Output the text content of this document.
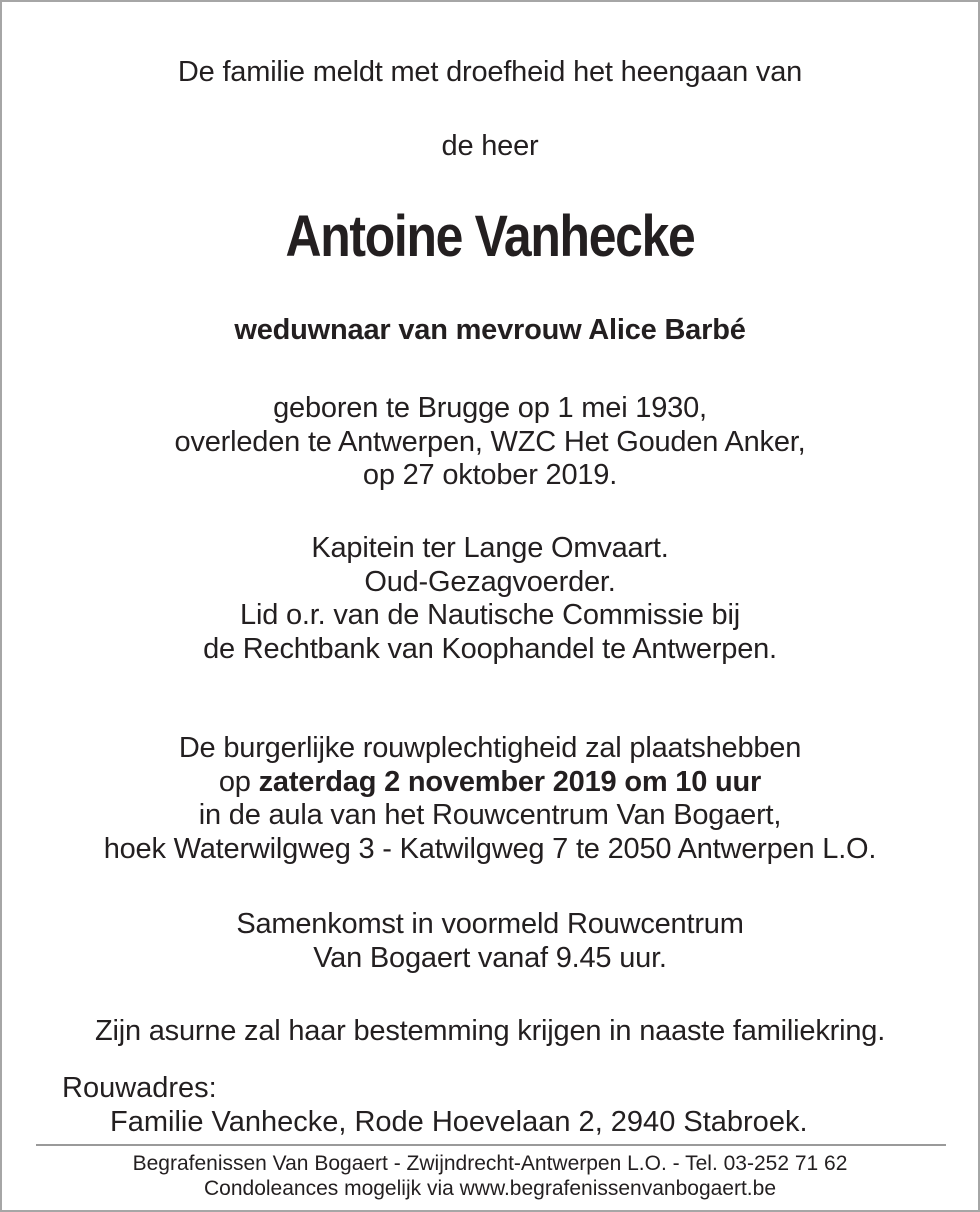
De familie meldt met droefheid het heengaan van
de heer
Antoine Vanhecke
weduwnaar van mevrouw Alice Barbé
geboren te Brugge op 1 mei 1930,
overleden te Antwerpen, WZC Het Gouden Anker,
op 27 oktober 2019.
Kapitein ter Lange Omvaart.
Oud-Gezagvoerder.
Lid o.r. van de Nautische Commissie bij
de Rechtbank van Koophandel te Antwerpen.
De burgerlijke rouwplechtigheid zal plaatshebben
op zaterdag 2 november 2019 om 10 uur
in de aula van het Rouwcentrum Van Bogaert,
hoek Waterwilgweg 3 - Katwilgweg 7 te 2050 Antwerpen L.O.
Samenkomst in voormeld Rouwcentrum
Van Bogaert vanaf 9.45 uur.
Zijn asurne zal haar bestemming krijgen in naaste familiekring.
Rouwadres:
Familie Vanhecke, Rode Hoevelaan 2, 2940 Stabroek.
Begrafenissen Van Bogaert - Zwijndrecht-Antwerpen L.O. - Tel. 03-252 71 62
Condoleances mogelijk via www.begrafenissenvanbogaert.be
